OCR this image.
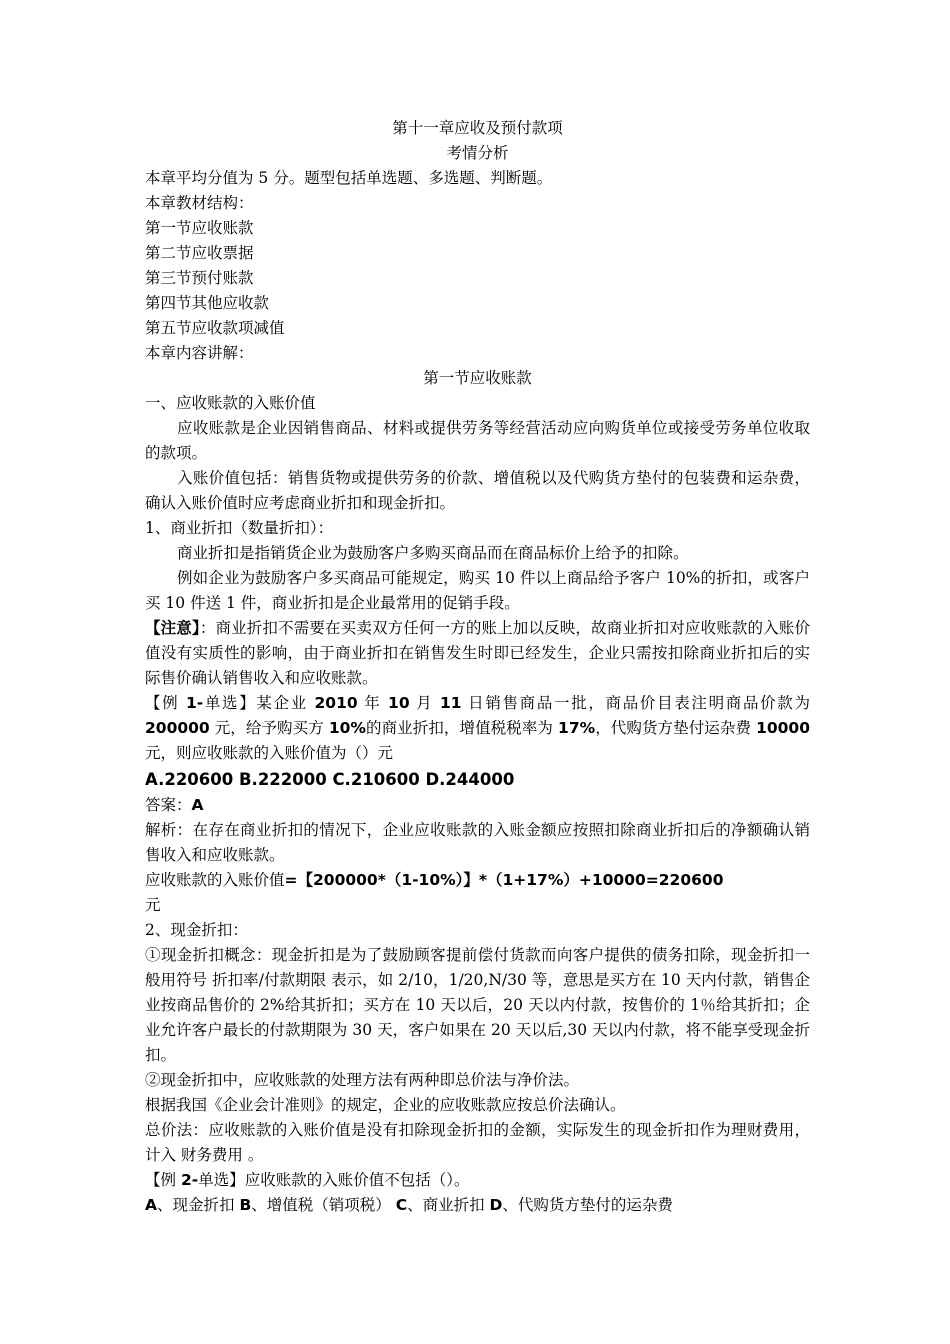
第十一章应收及预付款项
考情分析
本章平均分值为 5 分。题型包括单选题、多选题、判断题。
本章教材结构：
第一节应收账款
第二节应收票据
第三节预付账款
第四节其他应收款
第五节应收款项减值
本章内容讲解：
第一节应收账款
一、应收账款的入账价值
应收账款是企业因销售商品、材料或提供劳务等经营活动应向购货单位或接受劳务单位收取的款项。
入账价值包括：销售货物或提供劳务的价款、增值税以及代购货方垫付的包装费和运杂费，确认入账价值时应考虑商业折扣和现金折扣。
1、商业折扣（数量折扣）：
商业折扣是指销货企业为鼓励客户多购买商品而在商品标价上给予的扣除。
例如企业为鼓励客户多买商品可能规定，购买 10 件以上商品给予客户 10%的折扣，或客户买 10 件送 1 件，商业折扣是企业最常用的促销手段。
【注意】：商业折扣不需要在买卖双方任何一方的账上加以反映，故商业折扣对应收账款的入账价值没有实质性的影响，由于商业折扣在销售发生时即已经发生，企业只需按扣除商业折扣后的实际售价确认销售收入和应收账款。
【例 1-单选】某企业 2010 年 10 月 11 日销售商品一批，商品价目表注明商品价款为 200000 元，给予购买方 10%的商业折扣，增值税税率为 17%，代购货方垫付运杂费 10000 元，则应收账款的入账价值为（）元
A.220600 B.222000 C.210600 D.244000
答案：A
解析：在存在商业折扣的情况下，企业应收账款的入账金额应按照扣除商业折扣后的净额确认销售收入和应收账款。
应收账款的入账价值=【200000*（1-10%）】*（1+17%）+10000=220600
元
2、现金折扣：
①现金折扣概念：现金折扣是为了鼓励顾客提前偿付货款而向客户提供的债务扣除，现金折扣一般用符号 折扣率/付款期限 表示，如 2/10，1/20,N/30 等，意思是买方在 10 天内付款，销售企业按商品售价的 2%给其折扣；买方在 10 天以后，20 天以内付款，按售价的 1％给其折扣；企业允许客户最长的付款期限为 30 天，客户如果在 20 天以后,30 天以内付款，将不能享受现金折扣。
②现金折扣中，应收账款的处理方法有两种即总价法与净价法。
根据我国《企业会计准则》的规定，企业的应收账款应按总价法确认。
总价法：应收账款的入账价值是没有扣除现金折扣的金额，实际发生的现金折扣作为理财费用，计入 财务费用 。
【例 2-单选】应收账款的入账价值不包括（）。
A、现金折扣 B、增值税（销项税） C、商业折扣 D、代购货方垫付的运杂费
